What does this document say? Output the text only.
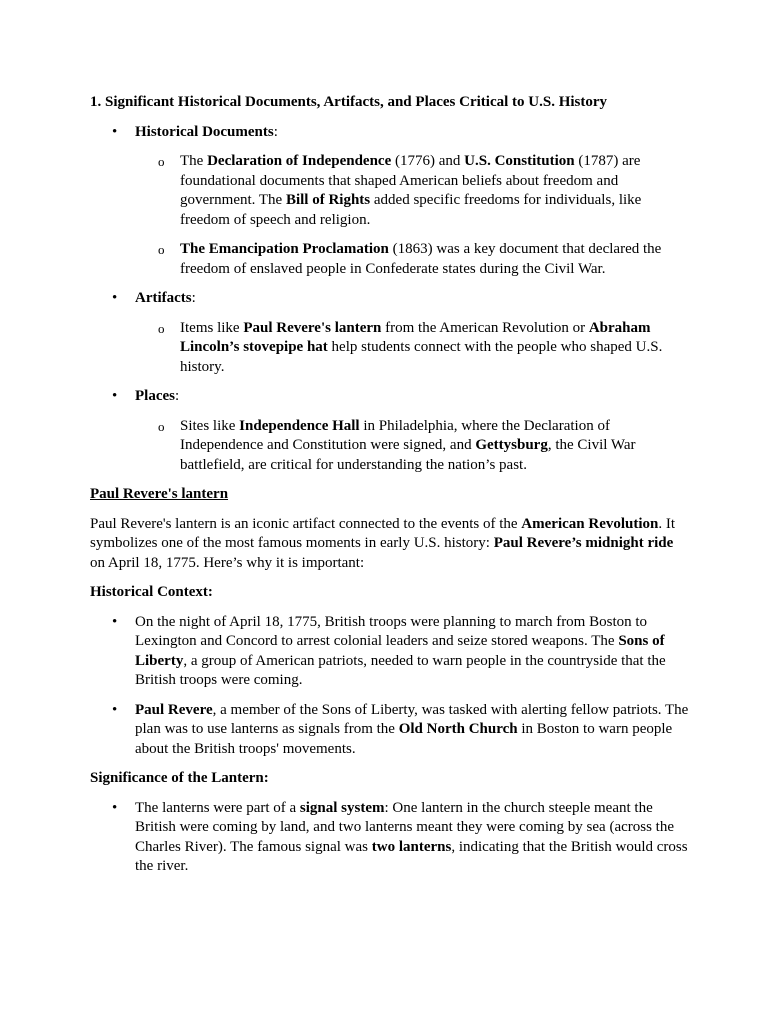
1. Significant Historical Documents, Artifacts, and Places Critical to U.S. History
• Historical Documents:
o The Declaration of Independence (1776) and U.S. Constitution (1787) are foundational documents that shaped American beliefs about freedom and government. The Bill of Rights added specific freedoms for individuals, like freedom of speech and religion.
o The Emancipation Proclamation (1863) was a key document that declared the freedom of enslaved people in Confederate states during the Civil War.
• Artifacts:
o Items like Paul Revere's lantern from the American Revolution or Abraham Lincoln’s stovepipe hat help students connect with the people who shaped U.S. history.
• Places:
o Sites like Independence Hall in Philadelphia, where the Declaration of Independence and Constitution were signed, and Gettysburg, the Civil War battlefield, are critical for understanding the nation’s past.

Paul Revere's lantern

Paul Revere's lantern is an iconic artifact connected to the events of the American Revolution. It symbolizes one of the most famous moments in early U.S. history: Paul Revere’s midnight ride on April 18, 1775. Here’s why it is important:

Historical Context:

• On the night of April 18, 1775, British troops were planning to march from Boston to Lexington and Concord to arrest colonial leaders and seize stored weapons. The Sons of Liberty, a group of American patriots, needed to warn people in the countryside that the British troops were coming.
• Paul Revere, a member of the Sons of Liberty, was tasked with alerting fellow patriots. The plan was to use lanterns as signals from the Old North Church in Boston to warn people about the British troops' movements.

Significance of the Lantern:

• The lanterns were part of a signal system: One lantern in the church steeple meant the British were coming by land, and two lanterns meant they were coming by sea (across the Charles River). The famous signal was two lanterns, indicating that the British would cross the river.
